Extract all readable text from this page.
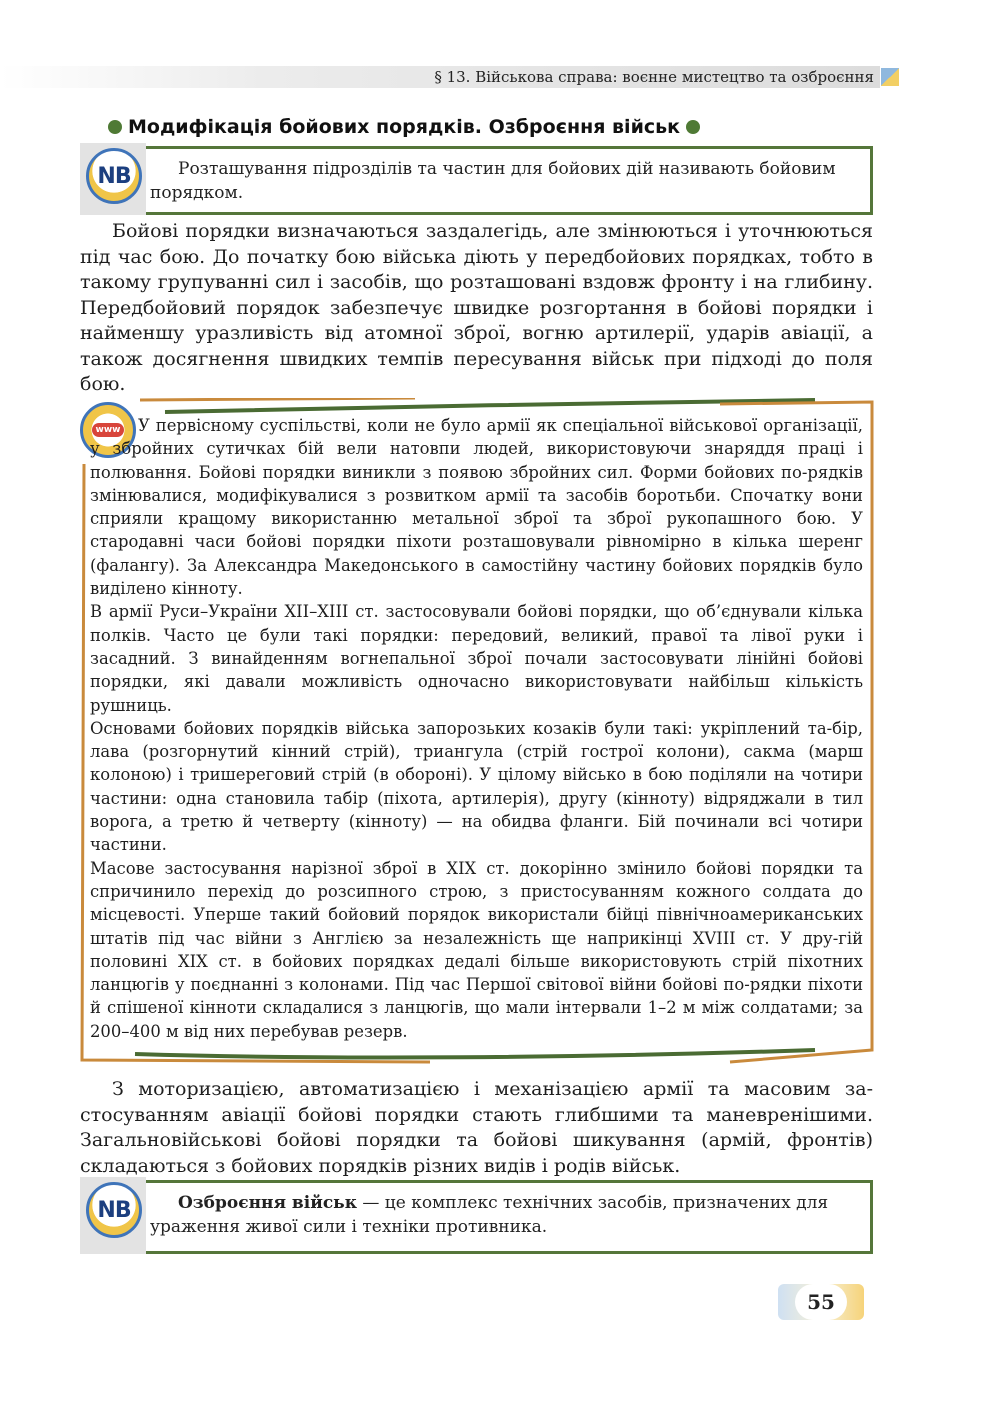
§ 13. Військова справа: воєнне мистецтво та озброєння
Модифікація бойових порядків. Озброєння військ
NB	Розташування підрозділів та частин для бойових дій називають бойовим порядком.
Бойові порядки визначаються заздалегідь, але змінюються і уточнюються під час бою. До початку бою війська діють у передбойових порядках, тобто в такому групуванні сил і засобів, що розташовані вздовж фронту і на глибину. Передбойовий порядок забезпечує швидке розгортання в бойові порядки і найменшу уразливість від атомної зброї, вогню артилерії, ударів авіації, а також досягнення швидких темпів пересування військ при підході до поля бою.
www	У первісному суспільстві, коли не було армії як спеціальної військової організації, у збройних сутичках бій вели натовпи людей, використовуючи знаряддя праці і полювання. Бойові порядки виникли з появою збройних сил. Форми бойових по-рядків змінювалися, модифікувалися з розвитком армії та засобів боротьби. Спочатку вони сприяли кращому використанню метальної зброї та зброї рукопашного бою. У стародавні часи бойові порядки піхоти розташовували рівномірно в кілька шеренг (фалангу). За Александра Македонського в самостійну частину бойових порядків було виділено кінноту.

В армії Руси–України XII–XIII ст. застосовували бойові порядки, що об’єднували кілька полків. Часто це були такі порядки: передовий, великий, правої та лівої руки і засадний. З винайденням вогнепальної зброї почали застосовувати лінійні бойові порядки, які давали можливість одночасно використовувати найбільш кількість рушниць.

Основами бойових порядків війська запорозьких козаків були такі: укріплений та-бір, лава (розгорнутий кінний стрій), триангула (стрій гострої колони), сакма (марш колоною) і тришереговий стрій (в обороні). У цілому військо в бою поділяли на чотири частини: одна становила табір (піхота, артилерія), другу (кінноту) відряджали в тил ворога, а третю й четверту (кінноту) — на обидва фланги. Бій починали всі чотири частини.

Масове застосування нарізної зброї в XIX ст. докорінно змінило бойові порядки та спричинило перехід до розсипного строю, з пристосуванням кожного солдата до місцевості. Уперше такий бойовий порядок використали бійці північноамериканських штатів під час війни з Англією за незалежність ще наприкінці XVIII ст. У дру-гій половині XIX ст. в бойових порядках дедалі більше використовують стрій піхотних ланцюгів у поєднанні з колонами. Під час Першої світової війни бойові по-рядки піхоти й спішеної кінноти складалися з ланцюгів, що мали інтервали 1–2 м між солдатами; за 200–400 м від них перебував резерв.

З моторизацією, автоматизацією і механізацією армії та масовим застосуванням авіації бойові порядки стають глибшими та маневренішими. Загальновійськові бойові порядки та бойові шикування (армій, фронтів) складаються з бойових порядків різних видів і родів військ.
NB	Озброєння військ — це комплекс технічних засобів, призначених для ураження живої сили і техніки противника.
55
